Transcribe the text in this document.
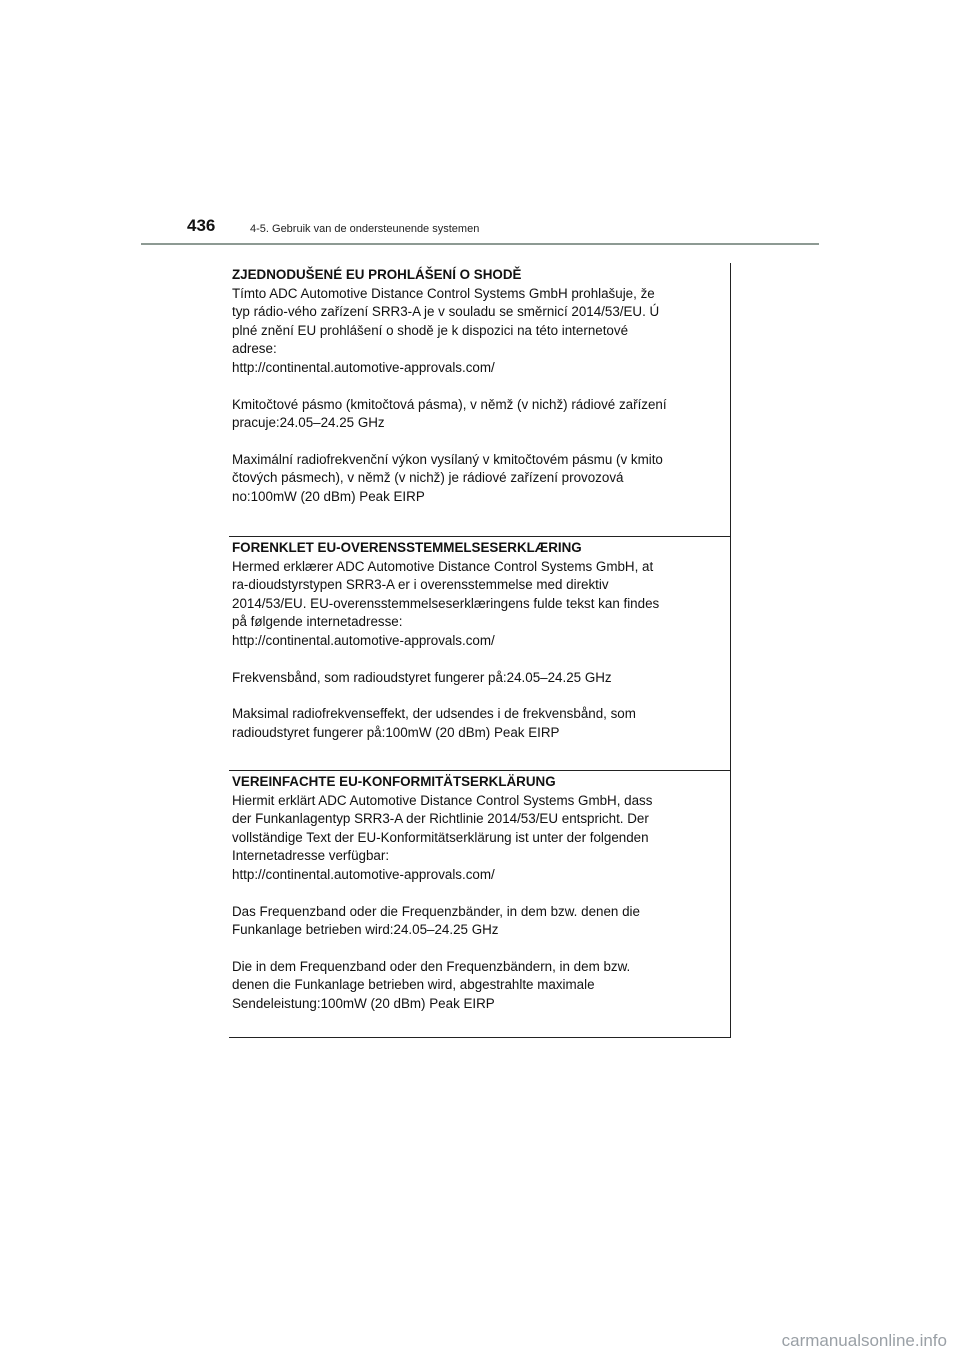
436	4-5. Gebruik van de ondersteunende systemen
ZJEDNODUŠENÉ EU PROHLÁŠENÍ O SHODĚ
Tímto ADC Automotive Distance Control Systems GmbH prohlašuje, že
typ rádio-vého zařízení SRR3-A je v souladu se směrnicí 2014/53/EU. Ú
plné znění EU prohlášení o shodě je k dispozici na této internetové
adrese:
http://continental.automotive-approvals.com/
Kmitočtové pásmo (kmitočtová pásma), v němž (v nichž) rádiové zařízení
pracuje:24.05–24.25 GHz
Maximální radiofrekvenční výkon vysílaný v kmitočtovém pásmu (v kmito
čtových pásmech), v němž (v nichž) je rádiové zařízení provozová
no:100mW (20 dBm) Peak EIRP
FORENKLET EU-OVERENSSTEMMELSESERKLÆRING
Hermed erklærer ADC Automotive Distance Control Systems GmbH, at
ra-dioudstyrstypen SRR3-A er i overensstemmelse med direktiv
2014/53/EU. EU-overensstemmelseserklæringens fulde tekst kan findes
på følgende internetadresse:
http://continental.automotive-approvals.com/
Frekvensbånd, som radioudstyret fungerer på:24.05–24.25 GHz
Maksimal radiofrekvenseffekt, der udsendes i de frekvensbånd, som
radioudstyret fungerer på:100mW (20 dBm) Peak EIRP
VEREINFACHTE EU-KONFORMITÄTSERKLÄRUNG
Hiermit erklärt ADC Automotive Distance Control Systems GmbH, dass
der Funkanlagentyp SRR3-A der Richtlinie 2014/53/EU entspricht. Der
vollständige Text der EU-Konformitätserklärung ist unter der folgenden
Internetadresse verfügbar:
http://continental.automotive-approvals.com/
Das Frequenzband oder die Frequenzbänder, in dem bzw. denen die
Funkanlage betrieben wird:24.05–24.25 GHz
Die in dem Frequenzband oder den Frequenzbändern, in dem bzw.
denen die Funkanlage betrieben wird, abgestrahlte maximale
Sendeleistung:100mW (20 dBm) Peak EIRP
carmanualsonline.info
